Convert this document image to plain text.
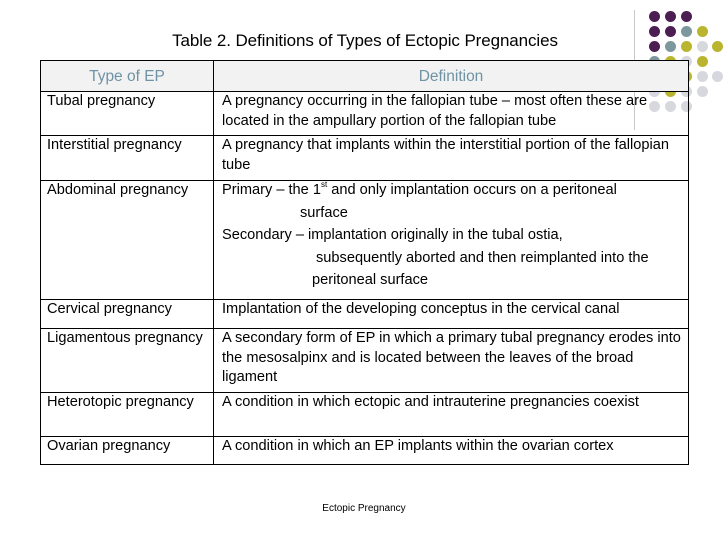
Table 2. Definitions of Types of Ectopic Pregnancies
Type of EP	Definition
Tubal pregnancy	A pregnancy occurring in the fallopian tube – most often these are located in the ampullary portion of the fallopian tube
Interstitial pregnancy	A pregnancy that implants within the interstitial portion of the fallopian tube
Abdominal pregnancy	Primary – the 1st and only implantation occurs on a peritoneal
surface
Secondary – implantation originally in the tubal ostia,
subsequently aborted and then reimplanted into the
peritoneal surface

Cervical pregnancy	Implantation of the developing conceptus in the cervical canal
Ligamentous pregnancy	A secondary form of EP in which a primary tubal pregnancy erodes into the mesosalpinx and is located between the leaves of the broad ligament
Heterotopic pregnancy	A condition in which ectopic and intrauterine pregnancies coexist
Ovarian pregnancy	A condition in which an EP implants within the ovarian cortex
Ectopic Pregnancy
